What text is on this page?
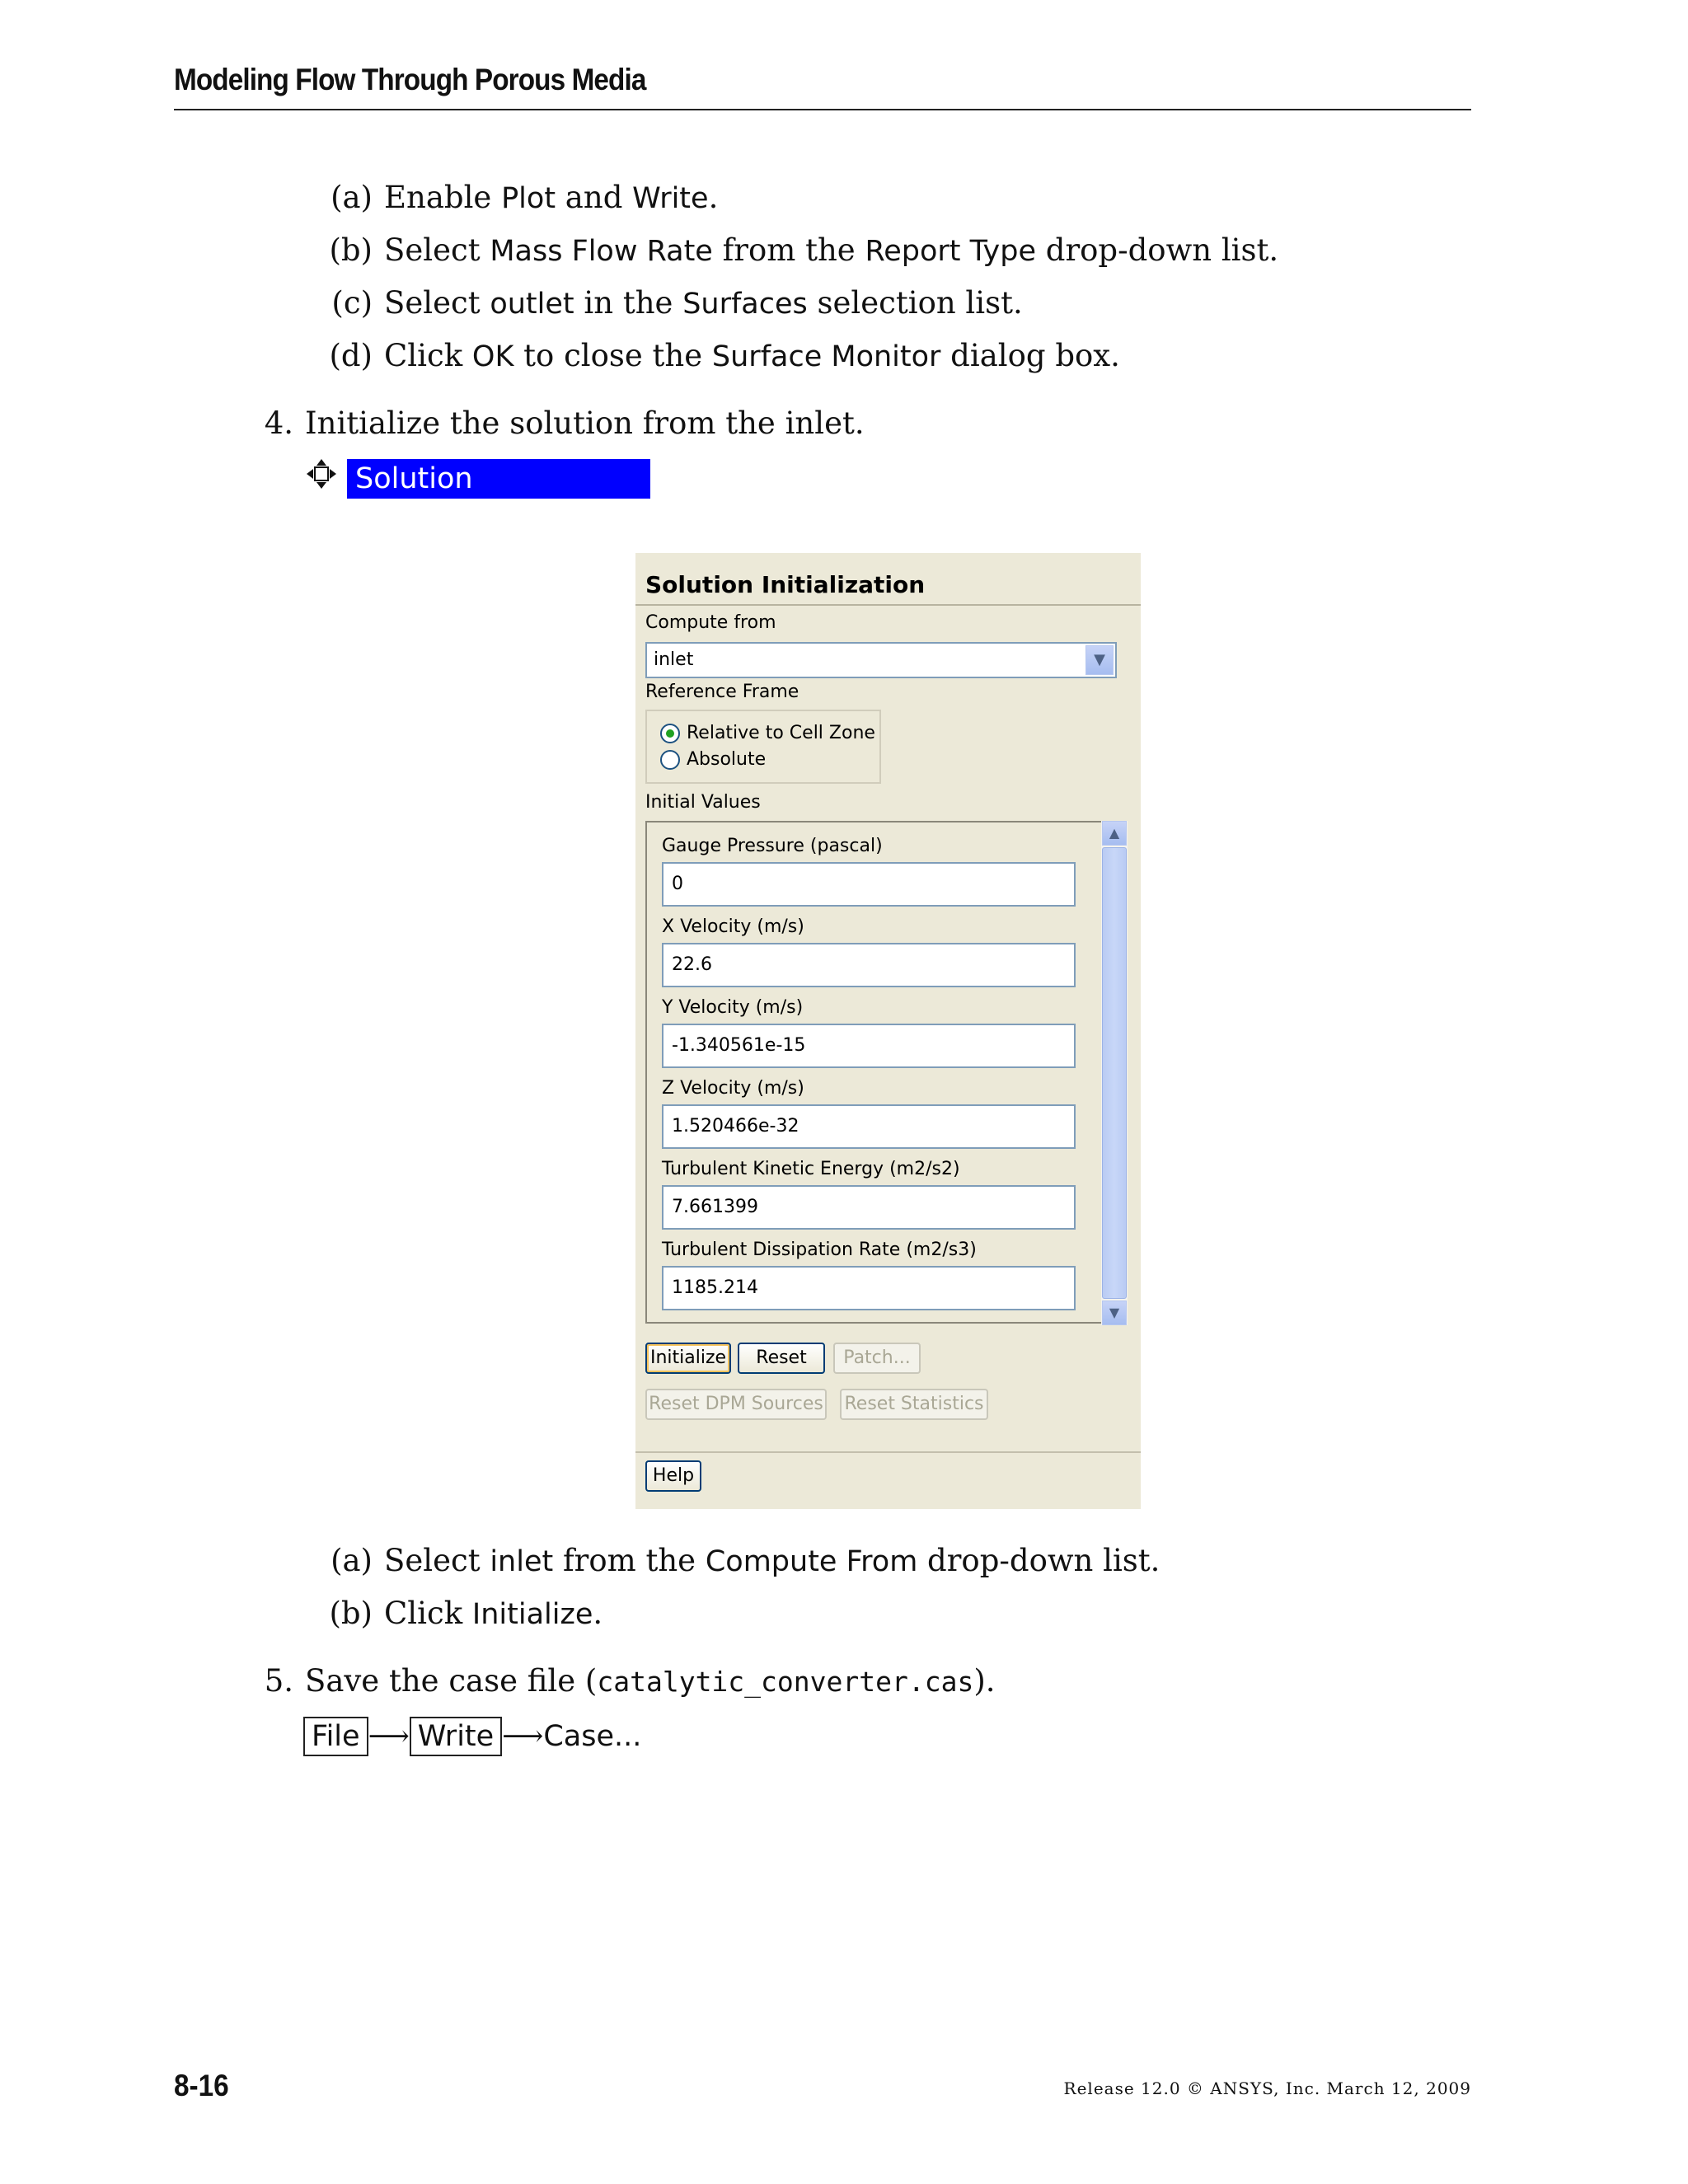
Modeling Flow Through Porous Media
(a) Enable Plot and Write.
(b) Select Mass Flow Rate from the Report Type drop-down list.
(c) Select outlet in the Surfaces selection list.
(d) Click OK to close the Surface Monitor dialog box.
4. Initialize the solution from the inlet.
Solution Initialization
Solution Initialization
Compute from
inlet	▼
Reference Frame
Relative to Cell Zone
Absolute
Initial Values
Gauge Pressure (pascal)
0
X Velocity (m/s)
22.6
Y Velocity (m/s)
-1.340561e-15
Z Velocity (m/s)
1.520466e-32
Turbulent Kinetic Energy (m2/s2)
7.661399
Turbulent Dissipation Rate (m2/s3)
1185.214
▲
▼
Initialize	Reset	Patch...
Reset DPM Sources Reset Statistics
Help
(a) Select inlet from the Compute From drop-down list.
(b) Click Initialize.
5. Save the case file (catalytic_converter.cas).
File ⟶ Write ⟶Case...
8-16	Release 12.0 © ANSYS, Inc. March 12, 2009
